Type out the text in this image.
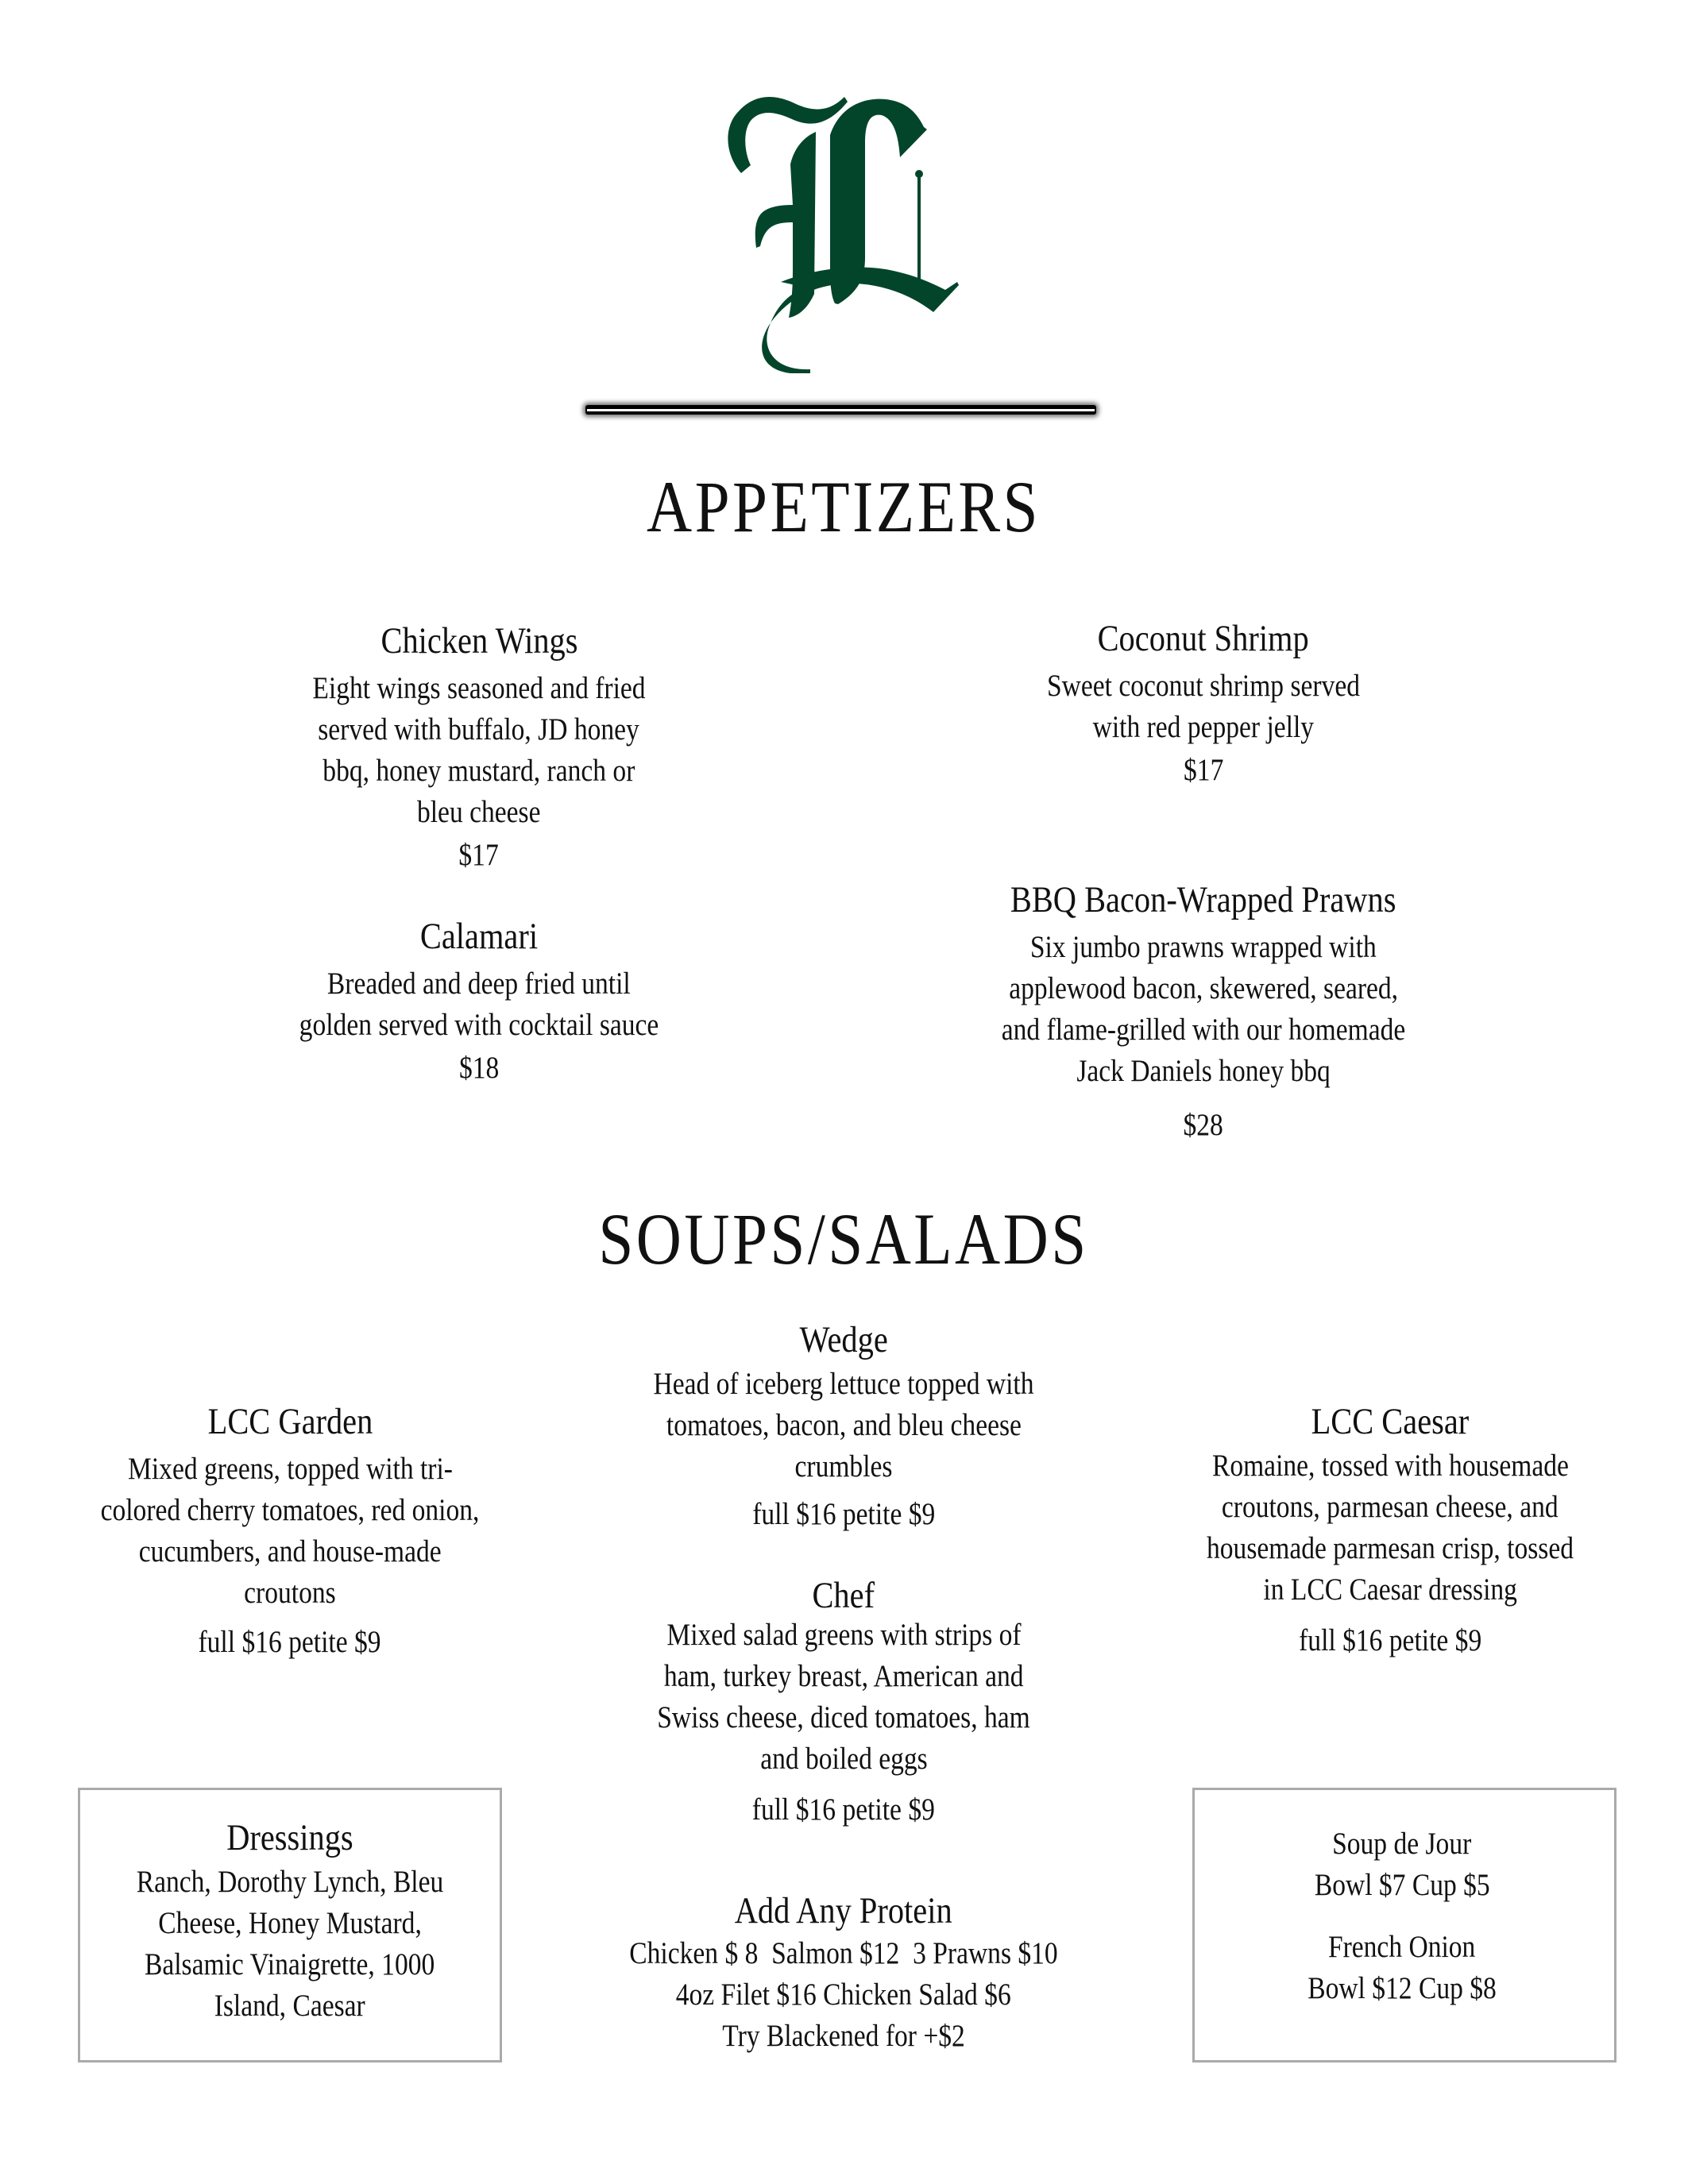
APPETIZERS
Chicken Wings
Eight wings seasoned and fried
served with buffalo, JD honey
bbq, honey mustard, ranch or
bleu cheese
$17
Calamari
Breaded and deep fried until
golden served with cocktail sauce
$18
Coconut Shrimp
Sweet coconut shrimp served
with red pepper jelly
$17
BBQ Bacon-Wrapped Prawns
Six jumbo prawns wrapped with
applewood bacon, skewered, seared,
and flame-grilled with our homemade
Jack Daniels honey bbq
$28
SOUPS/SALADS
LCC Garden
Mixed greens, topped with tri-
colored cherry tomatoes, red onion,
cucumbers, and house-made
croutons
full $16 petite $9
Wedge
Head of iceberg lettuce topped with
tomatoes, bacon, and bleu cheese
crumbles
full $16 petite $9
LCC Caesar
Romaine, tossed with housemade
croutons, parmesan cheese, and
housemade parmesan crisp, tossed
in LCC Caesar dressing
full $16 petite $9
Chef
Mixed salad greens with strips of
ham, turkey breast, American and
Swiss cheese, diced tomatoes, ham
and boiled eggs
full $16 petite $9
Dressings
Ranch, Dorothy Lynch, Bleu
Cheese, Honey Mustard,
Balsamic Vinaigrette, 1000
Island, Caesar
Add Any Protein
Chicken $ 8  Salmon $12  3 Prawns $10
4oz Filet $16 Chicken Salad $6
Try Blackened for +$2
Soup de Jour
Bowl $7 Cup $5
French Onion
Bowl $12 Cup $8
